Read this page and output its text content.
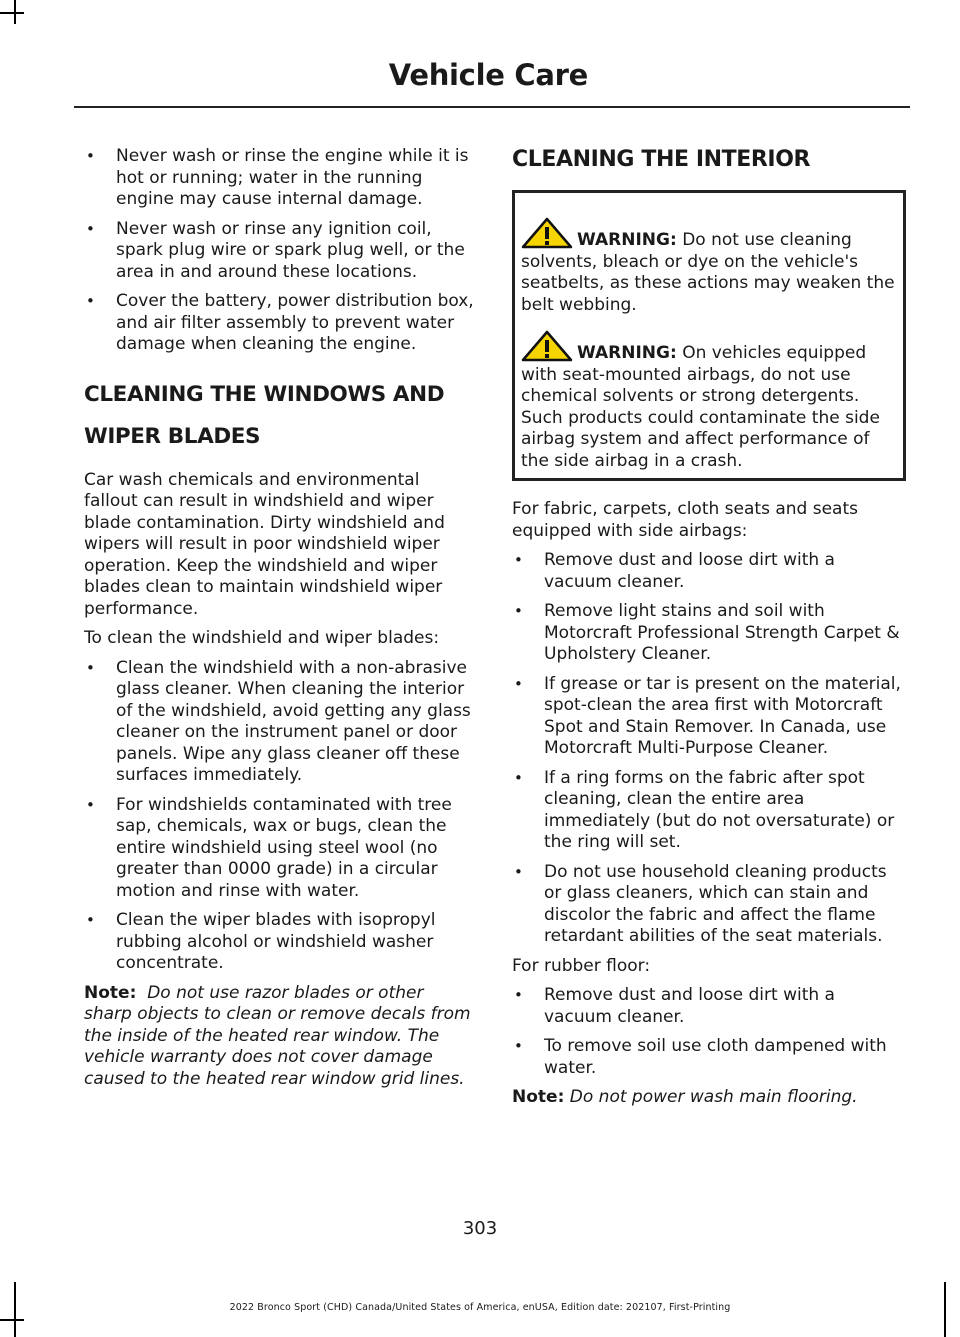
Vehicle Care
• Never wash or rinse the engine while it is hot or running; water in the running engine may cause internal damage.
• Never wash or rinse any ignition coil, spark plug wire or spark plug well, or the area in and around these locations.
• Cover the battery, power distribution box, and air filter assembly to prevent water damage when cleaning the engine.
CLEANING THE WINDOWS AND
WIPER BLADES

Car wash chemicals and environmental fallout can result in windshield and wiper blade contamination. Dirty windshield and wipers will result in poor windshield wiper operation. Keep the windshield and wiper blades clean to maintain windshield wiper performance.

To clean the windshield and wiper blades:

• Clean the windshield with a non-abrasive glass cleaner. When cleaning the interior of the windshield, avoid getting any glass cleaner on the instrument panel or door panels. Wipe any glass cleaner off these surfaces immediately.
• For windshields contaminated with tree sap, chemicals, wax or bugs, clean the entire windshield using steel wool (no greater than 0000 grade) in a circular motion and rinse with water.
• Clean the wiper blades with isopropyl rubbing alcohol or windshield washer concentrate.

Note: Do not use razor blades or other sharp objects to clean or remove decals from the inside of the heated rear window. The vehicle warranty does not cover damage caused to the heated rear window grid lines.

CLEANING THE INTERIOR

WARNING: Do not use cleaning solvents, bleach or dye on the vehicle's seatbelts, as these actions may weaken the belt webbing.

WARNING: On vehicles equipped with seat-mounted airbags, do not use chemical solvents or strong detergents. Such products could contaminate the side airbag system and affect performance of the side airbag in a crash.

For fabric, carpets, cloth seats and seats equipped with side airbags:

• Remove dust and loose dirt with a vacuum cleaner.
• Remove light stains and soil with Motorcraft Professional Strength Carpet & Upholstery Cleaner.
• If grease or tar is present on the material, spot-clean the area first with Motorcraft Spot and Stain Remover. In Canada, use Motorcraft Multi-Purpose Cleaner.
• If a ring forms on the fabric after spot cleaning, clean the entire area immediately (but do not oversaturate) or the ring will set.
• Do not use household cleaning products or glass cleaners, which can stain and discolor the fabric and affect the flame retardant abilities of the seat materials.

For rubber floor:

• Remove dust and loose dirt with a vacuum cleaner.
• To remove soil use cloth dampened with water.

Note: Do not power wash main flooring.

303
2022 Bronco Sport (CHD) Canada/United States of America, enUSA, Edition date: 202107, First-Printing
